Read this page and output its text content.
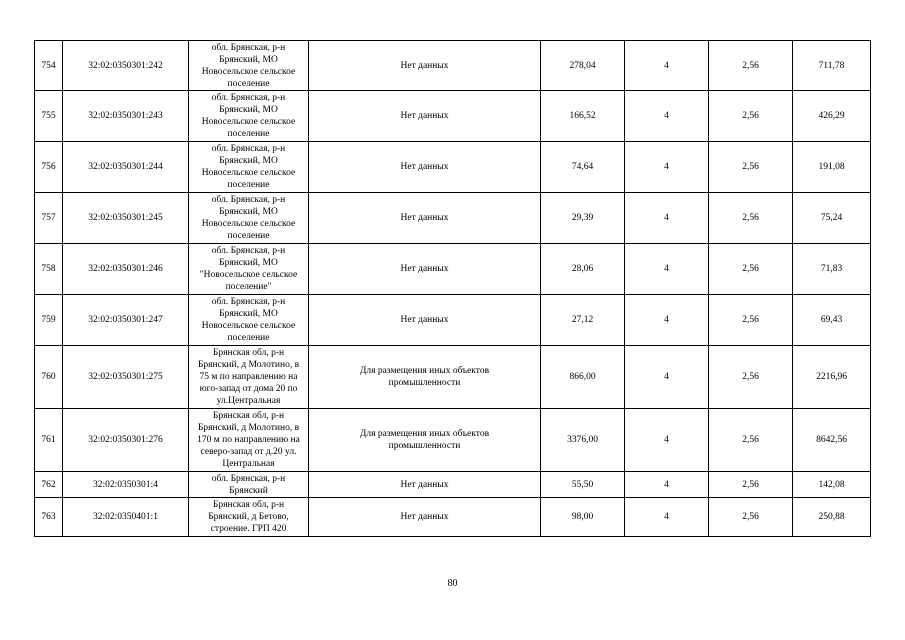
754	32:02:0350301:242	обл. Брянская, р-н
Брянский, МО
Новосельское сельское
поселение	Нет данных	278,04	4	2,56	711,78
755	32:02:0350301:243	обл. Брянская, р-н
Брянский, МО
Новосельское сельское
поселение	Нет данных	166,52	4	2,56	426,29
756	32:02:0350301:244	обл. Брянская, р-н
Брянский, МО
Новосельское сельское
поселение	Нет данных	74,64	4	2,56	191,08
757	32:02:0350301:245	обл. Брянская, р-н
Брянский, МО
Новосельское сельское
поселение	Нет данных	29,39	4	2,56	75,24
758	32:02:0350301:246	обл. Брянская, р-н
Брянский, МО
"Новосельское сельское
поселение"	Нет данных	28,06	4	2,56	71,83
759	32:02:0350301:247	обл. Брянская, р-н
Брянский, МО
Новосельское сельское
поселение	Нет данных	27,12	4	2,56	69,43
760	32:02:0350301:275	Брянская обл, р-н
Брянский, д Молотино, в
75 м по направлению на
юго-запад от дома 20 по
ул.Центральная	Для размещения иных объектов
промышленности	866,00	4	2,56	2216,96
761	32:02:0350301:276	Брянская обл, р-н
Брянский, д Молотино, в
170 м по направлению на
северо-запад от д.20 ул.
Центральная	Для размещения иных объектов
промышленности	3376,00	4	2,56	8642,56
762	32:02:0350301:4	обл. Брянская, р-н
Брянский	Нет данных	55,50	4	2,56	142,08
763	32:02:0350401:1	Брянская обл, р-н
Брянский, д Бетово,
строение. ГРП 420	Нет данных	98,00	4	2,56	250,88
80
